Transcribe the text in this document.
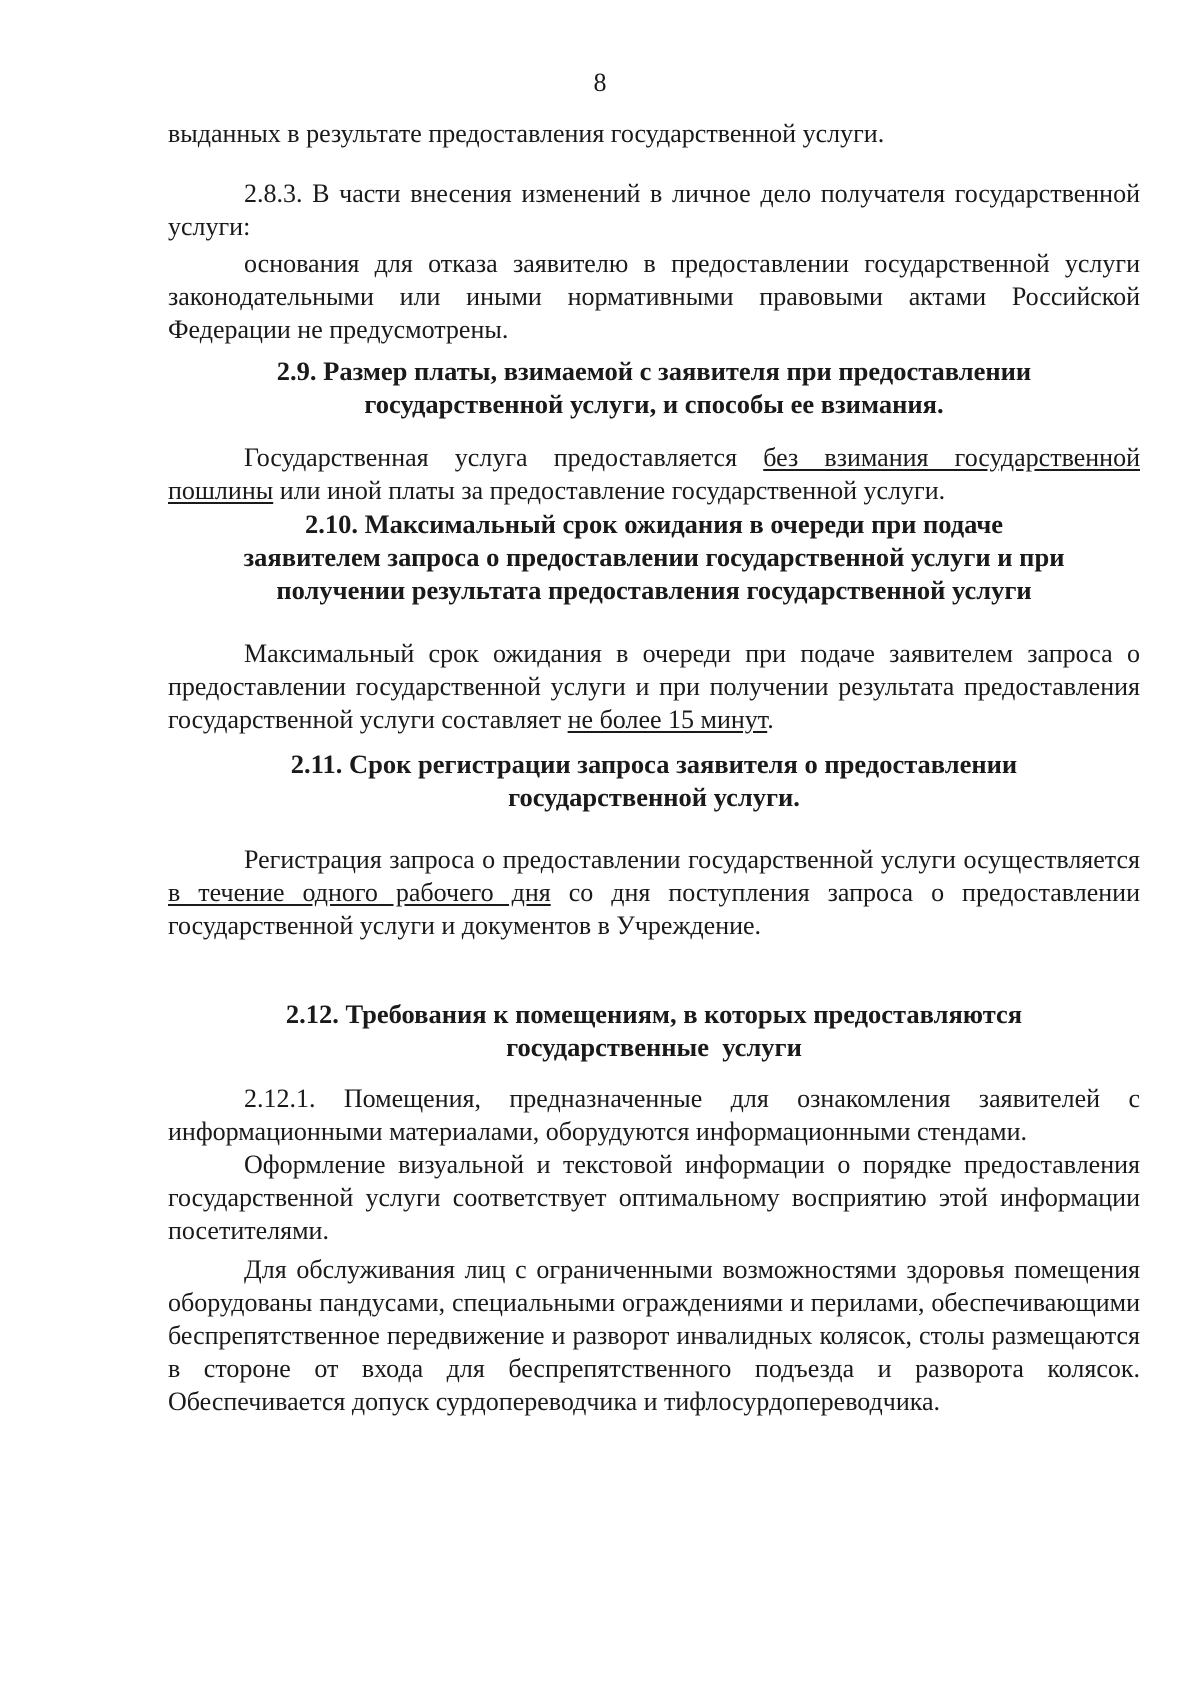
8

выданных в результате предоставления государственной услуги.

2.8.3. В части внесения изменений в личное дело получателя государственной услуги:

основания для отказа заявителю в предоставлении государственной услуги законодательными или иными нормативными правовыми актами Российской Федерации не предусмотрены.

2.9. Размер платы, взимаемой с заявителя при предоставлении

государственной услуги, и способы ее взимания.

Государственная услуга предоставляется без взимания государственной пошлины или иной платы за предоставление государственной услуги.

2.10. Максимальный срок ожидания в очереди при подаче

заявителем запроса о предоставлении государственной услуги и при

получении результата предоставления государственной услуги

Максимальный срок ожидания в очереди при подаче заявителем запроса о предоставлении государственной услуги и при получении результата предоставления государственной услуги составляет не более 15 минут.

2.11. Срок регистрации запроса заявителя о предоставлении

государственной услуги.

Регистрация запроса о предоставлении государственной услуги осуществляется в течение одного рабочего дня со дня поступления запроса о предоставлении государственной услуги и документов в Учреждение.

2.12. Требования к помещениям, в которых предоставляются

государственные  услуги

2.12.1. Помещения, предназначенные для ознакомления заявителей с информационными материалами, оборудуются информационными стендами.

Оформление визуальной и текстовой информации о порядке предоставления государственной услуги соответствует оптимальному восприятию этой информации посетителями.

Для обслуживания лиц с ограниченными возможностями здоровья помещения оборудованы пандусами, специальными ограждениями и перилами, обеспечивающими беспрепятственное передвижение и разворот инвалидных колясок, столы размещаются в стороне от входа для беспрепятственного подъезда и разворота колясок. Обеспечивается допуск сурдопереводчика и тифлосурдопереводчика.
